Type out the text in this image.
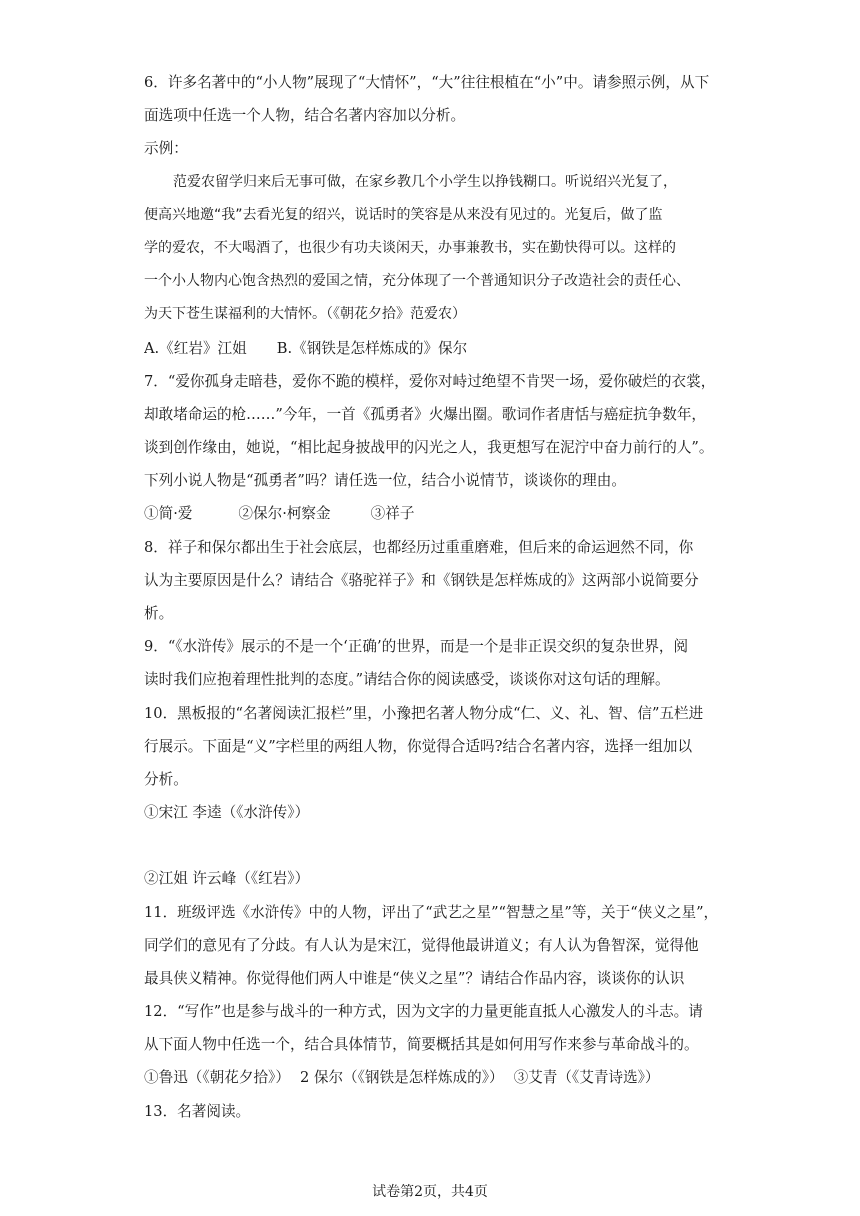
6．许多名著中的“小人物”展现了“大情怀”，“大”往往根植在“小”中。请参照示例，从下
面选项中任选一个人物，结合名著内容加以分析。
示例：
范爱农留学归来后无事可做，在家乡教几个小学生以挣钱糊口。听说绍兴光复了，
便高兴地邀“我”去看光复的绍兴，说话时的笑容是从来没有见过的。光复后，做了监
学的爱农，不大喝酒了，也很少有功夫谈闲天，办事兼教书，实在勤快得可以。这样的
一个小人物内心饱含热烈的爱国之情，充分体现了一个普通知识分子改造社会的责任心、
为天下苍生谋福利的大情怀。（《朝花夕拾》范爱农）
A.《红岩》江姐 B.《钢铁是怎样炼成的》保尔
7．“爱你孤身走暗巷，爱你不跪的模样，爱你对峙过绝望不肯哭一场，爱你破烂的衣裳，
却敢堵命运的枪……”今年，一首《孤勇者》火爆出圈。歌词作者唐恬与癌症抗争数年，
谈到创作缘由，她说，“相比起身披战甲的闪光之人，我更想写在泥泞中奋力前行的人”。
下列小说人物是“孤勇者”吗？请任选一位，结合小说情节，谈谈你的理由。
①简·爱	②保尔·柯察金	③祥子
8．祥子和保尔都出生于社会底层，也都经历过重重磨难，但后来的命运迥然不同，你
认为主要原因是什么？请结合《骆驼祥子》和《钢铁是怎样炼成的》这两部小说简要分
析。
9．“《水浒传》展示的不是一个‘正确’的世界，而是一个是非正误交织的复杂世界，阅
读时我们应抱着理性批判的态度。”请结合你的阅读感受，谈谈你对这句话的理解。
10．黑板报的“名著阅读汇报栏”里，小豫把名著人物分成“仁、义、礼、智、信”五栏进
行展示。下面是“义”字栏里的两组人物，你觉得合适吗?结合名著内容，选择一组加以
分析。
①宋江 李逵（《水浒传》）
②江姐 许云峰（《红岩》）
11．班级评选《水浒传》中的人物，评出了“武艺之星”“智慧之星”等，关于“侠义之星”，
同学们的意见有了分歧。有人认为是宋江，觉得他最讲道义；有人认为鲁智深，觉得他
最具侠义精神。你觉得他们两人中谁是“侠义之星”？请结合作品内容，谈谈你的认识
12．“写作”也是参与战斗的一种方式，因为文字的力量更能直抵人心激发人的斗志。请
从下面人物中任选一个，结合具体情节，简要概括其是如何用写作来参与革命战斗的。
①鲁迅（《朝花夕拾》） 2 保尔（《钢铁是怎样炼成的》） ③艾青（《艾青诗选》）
13．名著阅读。
试卷第2页，共4页
